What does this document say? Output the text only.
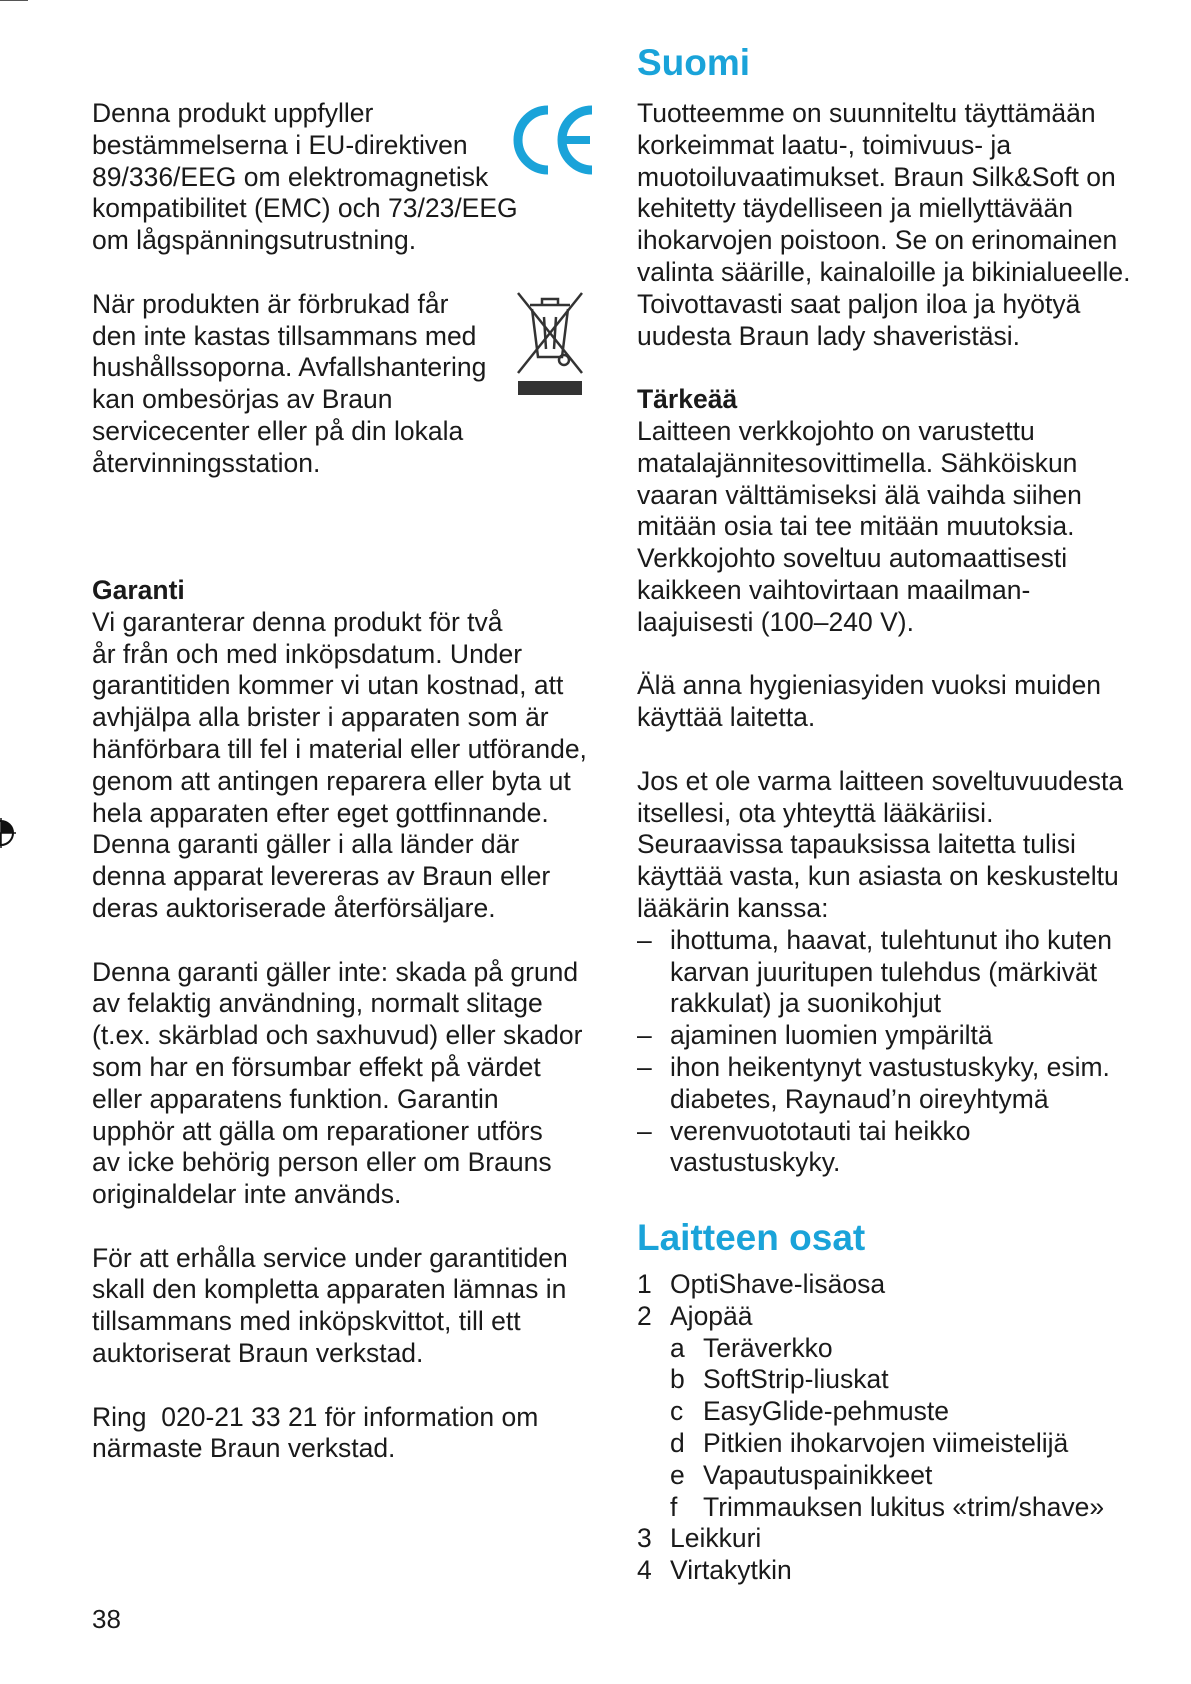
Denna produkt uppfyller
bestämmelserna i EU-direktiven
89/336/EEG om elektromagnetisk
kompatibilitet (EMC) och 73/23/EEG
om lågspänningsutrustning.
När produkten är förbrukad får
den inte kastas tillsammans med
hushållssoporna. Avfallshantering
kan ombesörjas av Braun
servicecenter eller på din lokala
återvinningsstation.
Garanti
Vi garanterar denna produkt för två
år från och med inköpsdatum. Under
garantitiden kommer vi utan kostnad, att
avhjälpa alla brister i apparaten som är
hänförbara till fel i material eller utförande,
genom att antingen reparera eller byta ut
hela apparaten efter eget gottfinnande.
Denna garanti gäller i alla länder där
denna apparat levereras av Braun eller
deras auktoriserade återförsäljare.
Denna garanti gäller inte: skada på grund
av felaktig användning, normalt slitage
(t.ex. skärblad och saxhuvud) eller skador
som har en försumbar effekt på värdet
eller apparatens funktion. Garantin
upphör att gälla om reparationer utförs
av icke behörig person eller om Brauns
originaldelar inte används.
För att erhålla service under garantitiden
skall den kompletta apparaten lämnas in
tillsammans med inköpskvittot, till ett
auktoriserat Braun verkstad.
Ring  020-21 33 21 för information om
närmaste Braun verkstad.
Suomi
Tuotteemme on suunniteltu täyttämään
korkeimmat laatu-, toimivuus- ja
muotoiluvaatimukset. Braun Silk&Soft on
kehitetty täydelliseen ja miellyttävään
ihokarvojen poistoon. Se on erinomainen
valinta säärille, kainaloille ja bikinialueelle.
Toivottavasti saat paljon iloa ja hyötyä
uudesta Braun lady shaveristäsi.
Tärkeää
Laitteen verkkojohto on varustettu
matalajännitesovittimella. Sähköiskun
vaaran välttämiseksi älä vaihda siihen
mitään osia tai tee mitään muutoksia.
Verkkojohto soveltuu automaattisesti
kaikkeen vaihtovirtaan maailman-
laajuisesti (100–240 V).
Älä anna hygieniasyiden vuoksi muiden
käyttää laitetta.
Jos et ole varma laitteen soveltuvuudesta
itsellesi, ota yhteyttä lääkäriisi.
Seuraavissa tapauksissa laitetta tulisi
käyttää vasta, kun asiasta on keskusteltu
lääkärin kanssa:
– ihottuma, haavat, tulehtunut iho kuten
karvan juuritupen tulehdus (märkivät
rakkulat) ja suonikohjut
– ajaminen luomien ympäriltä
– ihon heikentynyt vastustuskyky, esim.
diabetes, Raynaud’n oireyhtymä
– verenvuototauti tai heikko
vastustuskyky.
Laitteen osat
1 OptiShave-lisäosa
2 Ajopää
a Teräverkko
b SoftStrip-liuskat
c EasyGlide-pehmuste
d Pitkien ihokarvojen viimeistelijä
e Vapautuspainikkeet
f Trimmauksen lukitus «trim/shave»
3 Leikkuri
4 Virtakytkin
38
